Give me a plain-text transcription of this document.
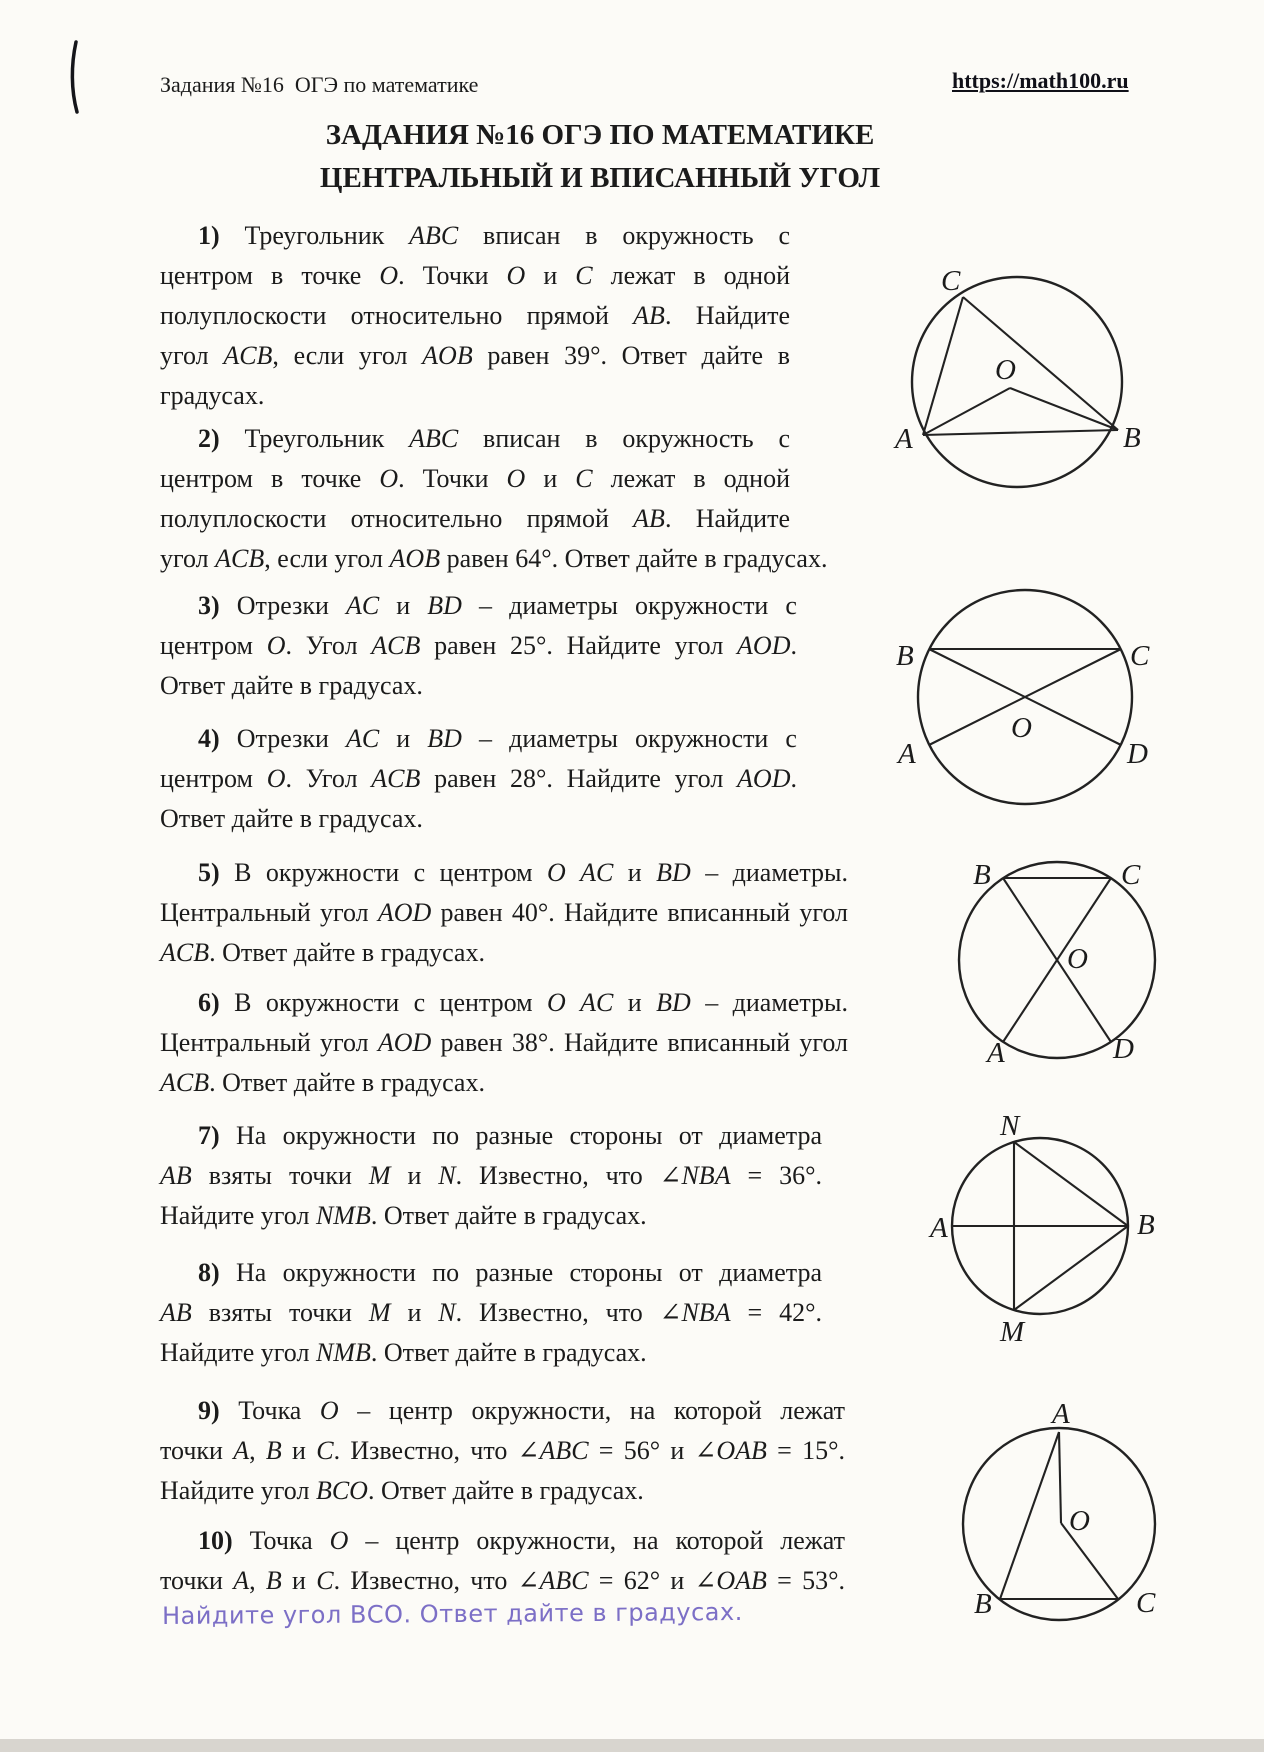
Задания №16  ОГЭ по математике	https://math100.ru
ЗАДАНИЯ №16 ОГЭ ПО МАТЕМАТИКЕ
ЦЕНТРАЛЬНЫЙ И ВПИСАННЫЙ УГОЛ

1) Треугольник ABC вписан в окружность с
центром в точке O. Точки O и C лежат в одной
полуплоскости относительно прямой AB. Найдите
угол ACB, если угол AOB равен 39°. Ответ дайте в
градусах.

2) Треугольник ABC вписан в окружность с
центром в точке O. Точки O и C лежат в одной
полуплоскости относительно прямой AB. Найдите
угол ACB, если угол AOB равен 64°. Ответ дайте в градусах.

3) Отрезки AC и BD – диаметры окружности с
центром O. Угол ACB равен 25°. Найдите угол AOD.
Ответ дайте в градусах.

4) Отрезки AC и BD – диаметры окружности с
центром O. Угол ACB равен 28°. Найдите угол AOD.
Ответ дайте в градусах.

5) В окружности с центром O AC и BD – диаметры.
Центральный угол AOD равен 40°. Найдите вписанный угол
ACB. Ответ дайте в градусах.

6) В окружности с центром O AC и BD – диаметры.
Центральный угол AOD равен 38°. Найдите вписанный угол
ACB. Ответ дайте в градусах.

7) На окружности по разные стороны от диаметра
AB взяты точки M и N. Известно, что ∠NBA = 36°.
Найдите угол NMB. Ответ дайте в градусах.

8) На окружности по разные стороны от диаметра
AB взяты точки M и N. Известно, что ∠NBA = 42°.
Найдите угол NMB. Ответ дайте в градусах.

9) Точка O – центр окружности, на которой лежат
точки A, B и C. Известно, что ∠ABC = 56° и ∠OAB = 15°.
Найдите угол BCO. Ответ дайте в градусах.

10) Точка O – центр окружности, на которой лежат
точки A, B и C. Известно, что ∠ABC = 62° и ∠OAB = 53°.

Найдите угол ВСО. Ответ дайте в градусах.
C
A	B
O
B	C
A	D
O
B	C
O
A	D
N
A	B
M
A
O
B	C
